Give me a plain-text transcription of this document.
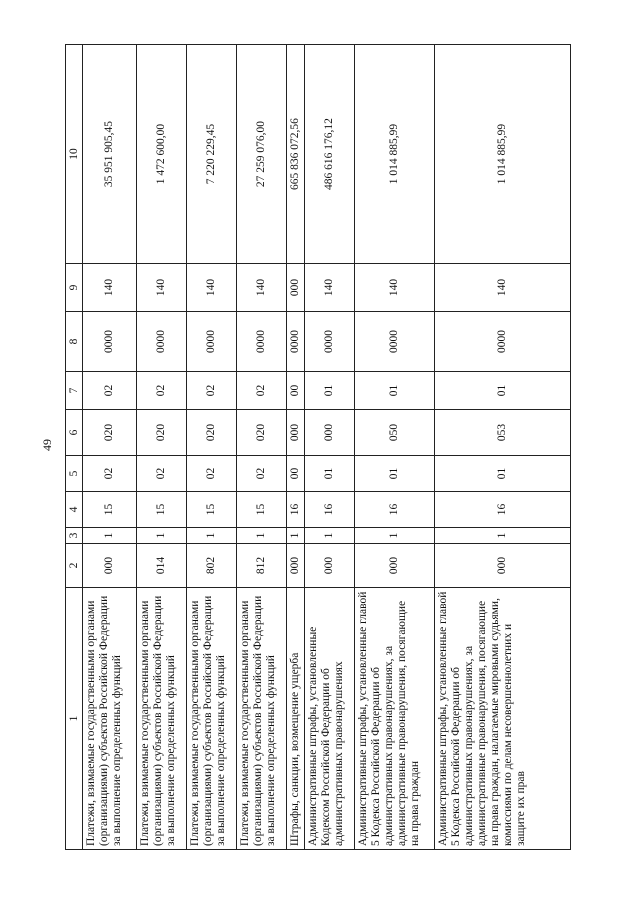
49
1	2	3	4	5	6	7	8	9	10
Платежи, взимаемые государственными органами (организациями) субъектов Российской Федерации за выполнение определенных функций	000	1	15	02	020	02	0000	140	35 951 905,45
Платежи, взимаемые государственными органами (организациями) субъектов Российской Федерации за выполнение определенных функций	014	1	15	02	020	02	0000	140	1 472 600,00
Платежи, взимаемые государственными органами (организациями) субъектов Российской Федерации за выполнение определенных функций	802	1	15	02	020	02	0000	140	7 220 229,45
Платежи, взимаемые государственными органами (организациями) субъектов Российской Федерации за выполнение определенных функций	812	1	15	02	020	02	0000	140	27 259 076,00
Штрафы, санкции, возмещение ущерба	000	1	16	00	000	00	0000	000	665 836 072,56
Административные штрафы, установленные Кодексом Российской Федерации об административных правонарушениях	000	1	16	01	000	01	0000	140	486 616 176,12
Административные штрафы, установленные главой 5 Кодекса Российской Федерации об административных правонарушениях, за административные правонарушения, посягающие на права граждан	000	1	16	01	050	01	0000	140	1 014 885,99
Административные штрафы, установленные главой 5 Кодекса Российской Федерации об административных правонарушениях, за административные правонарушения, посягающие на права граждан, налагаемые мировыми судьями, комиссиями по делам несовершеннолетних и защите их прав	000	1	16	01	053	01	0000	140	1 014 885,99
